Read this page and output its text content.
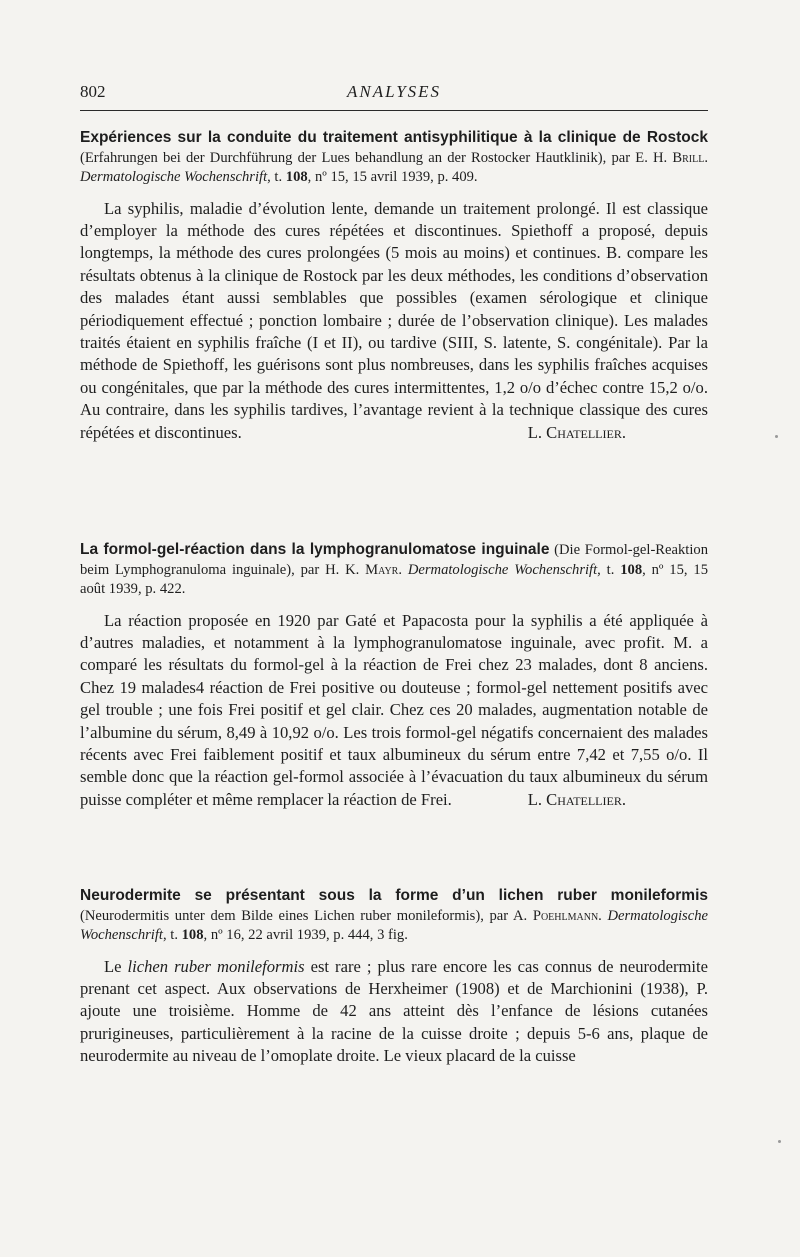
802	ANALYSES

Expériences sur la conduite du traitement antisyphilitique à la clinique de Rostock (Erfahrungen bei der Durchführung der Lues behandlung an der Rostocker Hautklinik), par E. H. Brill. Dermatologische Wochenschrift, t. 108, nº 15, 15 avril 1939, p. 409.

La syphilis, maladie d’évolution lente, demande un traitement prolongé. Il est classique d’employer la méthode des cures répétées et discontinues. Spiethoff a proposé, depuis longtemps, la méthode des cures prolongées (5 mois au moins) et continues. B. compare les résultats obtenus à la clinique de Rostock par les deux méthodes, les conditions d’observation des malades étant aussi semblables que possibles (examen sérologique et clinique périodiquement effectué ; ponction lombaire ; durée de l’observation clinique). Les malades traités étaient en syphilis fraîche (I et II), ou tardive (SIII, S. latente, S. congénitale). Par la méthode de Spiethoff, les guérisons sont plus nombreuses, dans les syphilis fraîches acquises ou congénitales, que par la méthode des cures intermittentes, 1,2 o/o d’échec contre 15,2 o/o. Au contraire, dans les syphilis tardives, l’avantage revient à la technique classique des cures répétées et discontinues.	L. Chatellier.

La formol-gel-réaction dans la lymphogranulomatose inguinale (Die Formol-gel-Reaktion beim Lymphogranuloma inguinale), par H. K. Mayr. Dermatologische Wochenschrift, t. 108, nº 15, 15 août 1939, p. 422.

La réaction proposée en 1920 par Gaté et Papacosta pour la syphilis a été appliquée à d’autres maladies, et notamment à la lymphogranulomatose inguinale, avec profit. M. a comparé les résultats du formol-gel à la réaction de Frei chez 23 malades, dont 8 anciens. Chez 19 malades4 réaction de Frei positive ou douteuse ; formol-gel nettement positifs avec gel trouble ; une fois Frei positif et gel clair. Chez ces 20 malades, augmentation notable de l’albumine du sérum, 8,49 à 10,92 o/o. Les trois formol-gel négatifs concernaient des malades récents avec Frei faiblement positif et taux albumineux du sérum entre 7,42 et 7,55 o/o. Il semble donc que la réaction gel-formol associée à l’évacuation du taux albumineux du sérum puisse compléter et même remplacer la réaction de Frei.	L. Chatellier.

Neurodermite se présentant sous la forme d’un lichen ruber monileformis (Neurodermitis unter dem Bilde eines Lichen ruber monileformis), par A. Poehlmann. Dermatologische Wochenschrift, t. 108, nº 16, 22 avril 1939, p. 444, 3 fig.

Le lichen ruber monileformis est rare ; plus rare encore les cas connus de neurodermite prenant cet aspect. Aux observations de Herxheimer (1908) et de Marchionini (1938), P. ajoute une troisième. Homme de 42 ans atteint dès l’enfance de lésions cutanées prurigineuses, particulièrement à la racine de la cuisse droite ; depuis 5-6 ans, plaque de neurodermite au niveau de l’omoplate droite. Le vieux placard de la cuisse
